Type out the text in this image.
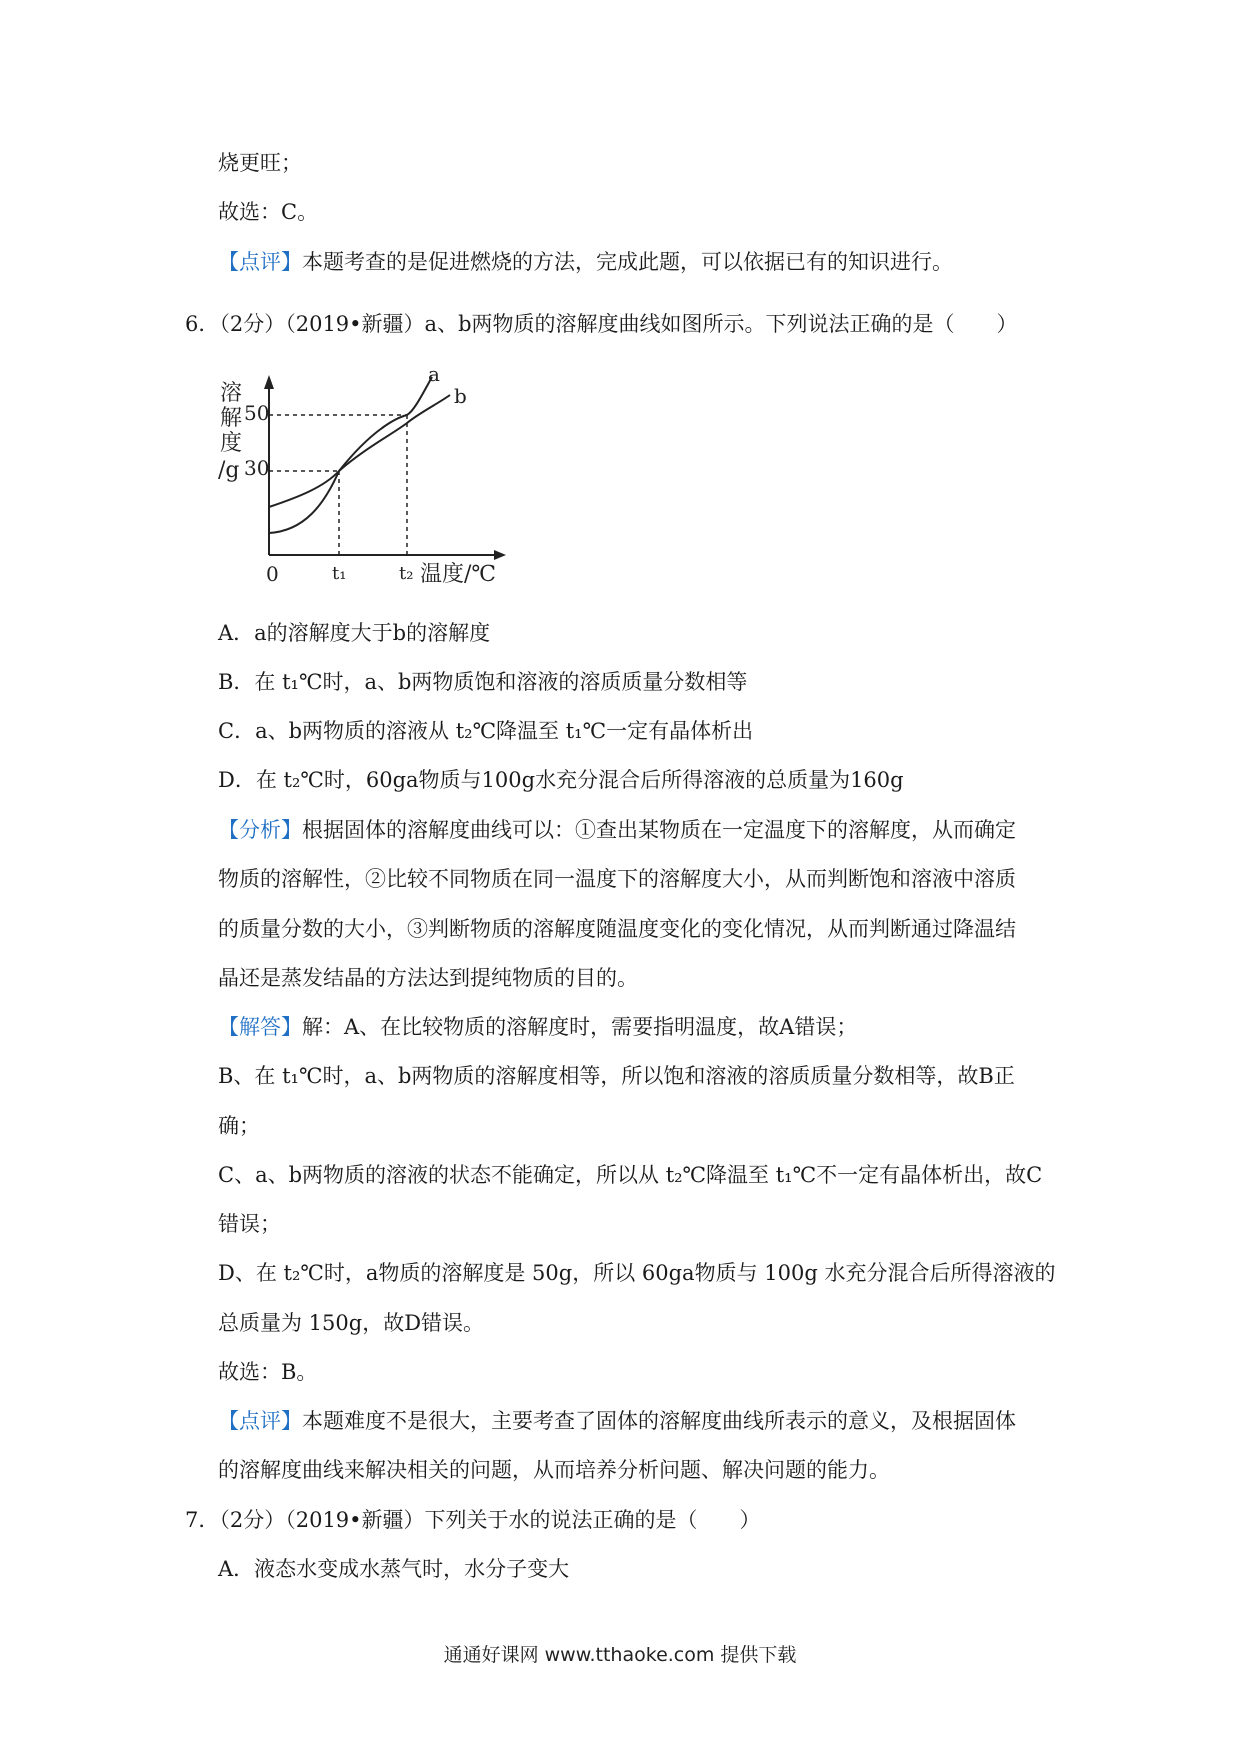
烧更旺；

故选：C。

【点评】本题考查的是促进燃烧的方法，完成此题，可以依据已有的知识进行。

6．（2分）（2019•新疆）a、b两物质的溶解度曲线如图所示。下列说法正确的是（　　）

溶
解
度
/g
50
30
a
b
0	t₁	t₂ 温度/℃

A．a的溶解度大于b的溶解度

B．在 t₁℃时，a、b两物质饱和溶液的溶质质量分数相等

C．a、b两物质的溶液从 t₂℃降温至 t₁℃一定有晶体析出

D．在 t₂℃时，60ga物质与100g水充分混合后所得溶液的总质量为160g

【分析】根据固体的溶解度曲线可以：①查出某物质在一定温度下的溶解度，从而确定

物质的溶解性，②比较不同物质在同一温度下的溶解度大小，从而判断饱和溶液中溶质

的质量分数的大小，③判断物质的溶解度随温度变化的变化情况，从而判断通过降温结

晶还是蒸发结晶的方法达到提纯物质的目的。

【解答】解：A、在比较物质的溶解度时，需要指明温度，故A错误；

B、在 t₁℃时，a、b两物质的溶解度相等，所以饱和溶液的溶质质量分数相等，故B正

确；

C、a、b两物质的溶液的状态不能确定，所以从 t₂℃降温至 t₁℃不一定有晶体析出，故C

错误；

D、在 t₂℃时，a物质的溶解度是 50g，所以 60ga物质与 100g 水充分混合后所得溶液的

总质量为 150g，故D错误。

故选：B。

【点评】本题难度不是很大，主要考查了固体的溶解度曲线所表示的意义，及根据固体

的溶解度曲线来解决相关的问题，从而培养分析问题、解决问题的能力。

7．（2分）（2019•新疆）下列关于水的说法正确的是（　　）

A．液态水变成水蒸气时，水分子变大

通通好课网 www.tthaoke.com 提供下载
